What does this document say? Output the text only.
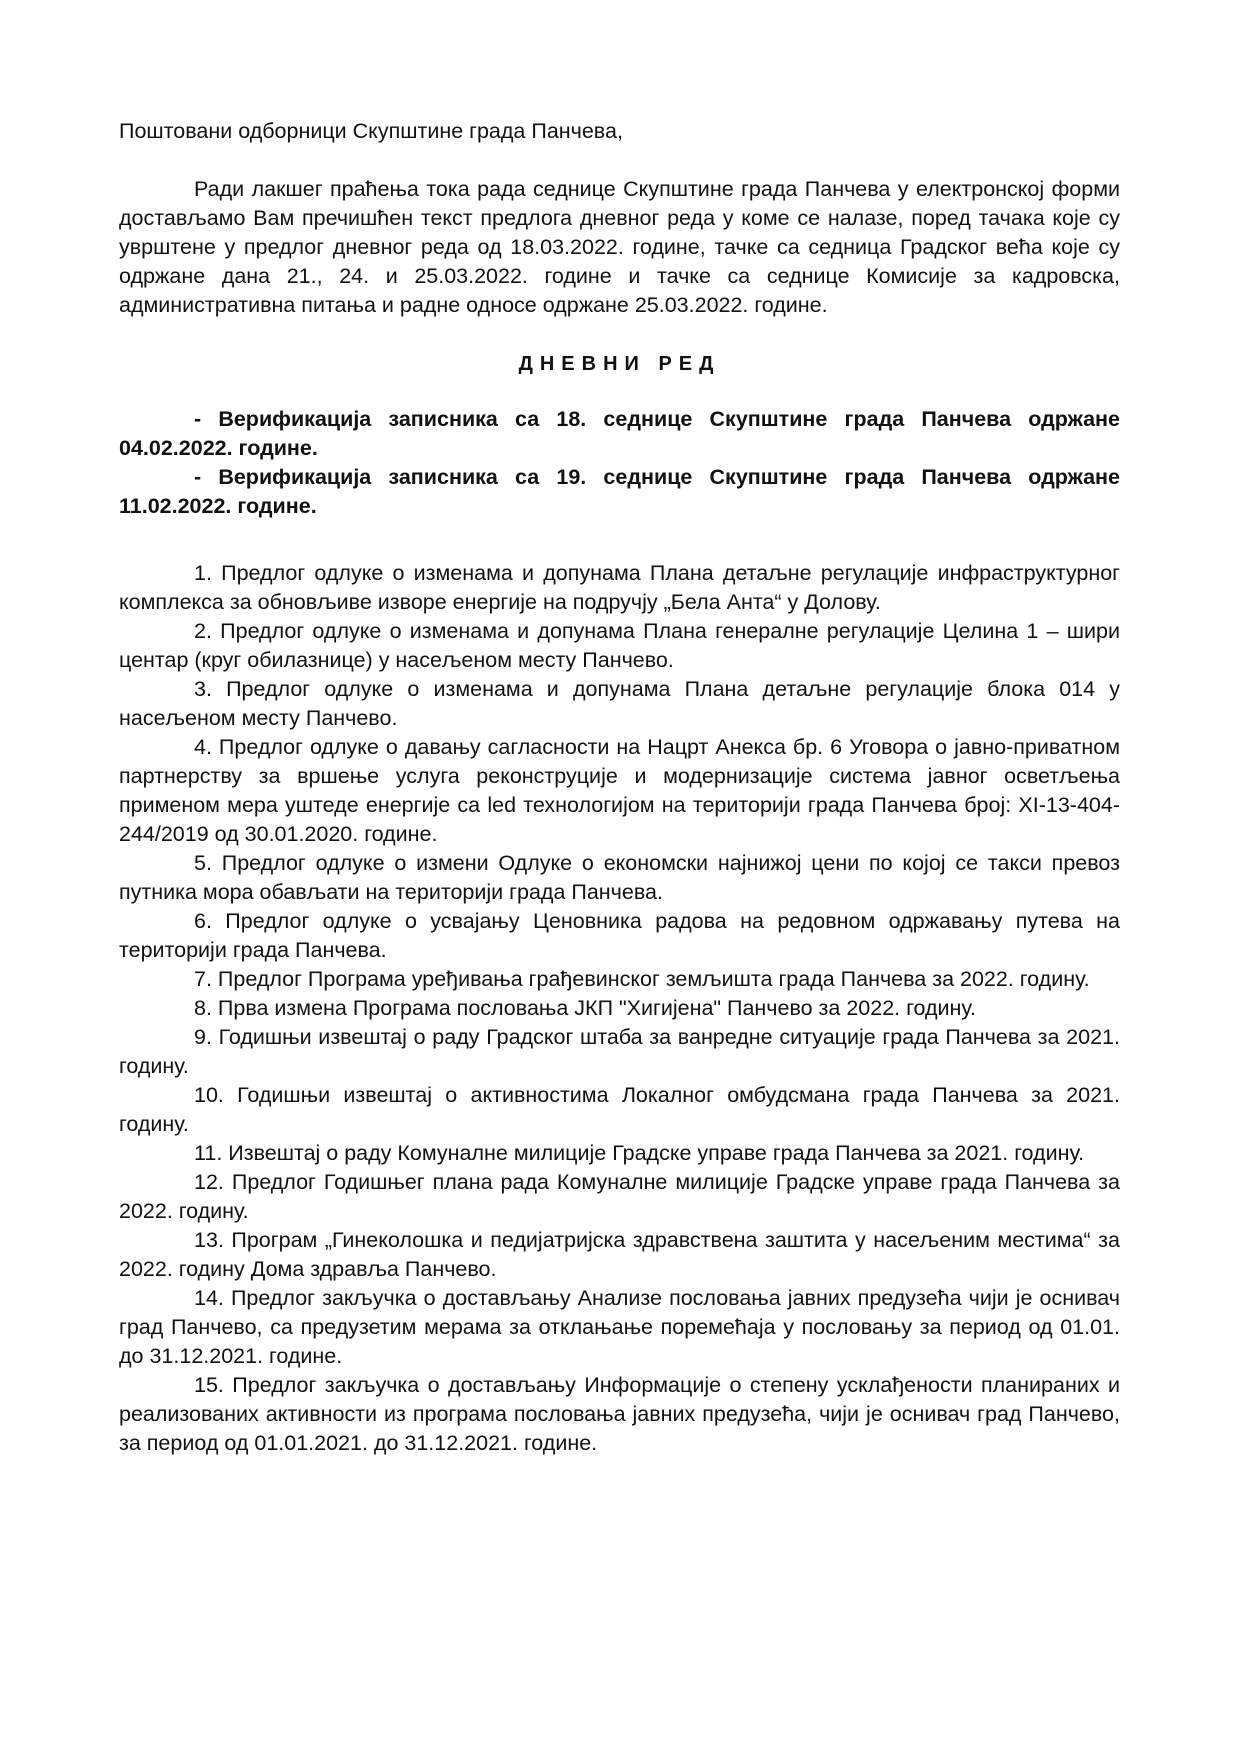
Поштовани одборници Скупштине града Панчева,

Ради лакшег праћења тока рада седнице Скупштине града Панчева у електронској форми достављамо Вам пречишћен текст предлога дневног реда у коме се налазе, поред тачака које су уврштене у предлог дневног реда од 18.03.2022. године, тачке са седница Градског већа које су одржане дана 21., 24. и 25.03.2022. године и тачке са седнице Комисије за кадровска, административна питања и радне односе одржане 25.03.2022. године.

ДНЕВНИ РЕД

- Верификација записника са 18. седнице Скупштине града Панчева одржане 04.02.2022. године.

- Верификација записника са 19. седнице Скупштине града Панчева одржане 11.02.2022. године.

1. Предлог одлуке о изменама и допунама Плана детаљне регулације инфраструктурног комплекса за обновљиве изворе енергије на подручју „Бела Анта“ у Долову.
2. Предлог одлуке о изменама и допунама Плана генералне регулације Целина 1 – шири центар (круг обилазнице) у насељеном месту Панчево.
3. Предлог одлуке о изменама и допунама Плана детаљне регулације блока 014 у насељеном месту Панчево.
4. Предлог одлуке о давању сагласности на Нацрт Анекса бр. 6 Уговора о јавно-приватном партнерству за вршење услуга реконструције и модернизације система јавног осветљења применом мера уштеде енергије са led технологијом на територији града Панчева број: XI-13-404-244/2019 од 30.01.2020. године.
5. Предлог одлуке о измени Одлуке о економски најнижој цени по којој се такси превоз путника мора обављати на територији града Панчева.
6. Предлог одлуке о усвајању Ценовника радова на редовном одржавању путева на територији града Панчева.
7. Предлог Програма уређивања грађевинског земљишта града Панчева за 2022. годину.
8. Прва измена Програма пословања ЈКП "Хигијена" Панчево за 2022. годину.
9. Годишњи извештај о раду Градског штаба за ванредне ситуације града Панчева за 2021. годину.
10. Годишњи извештај о активностима Локалног омбудсмана града Панчева за 2021. годину.
11. Извештај о раду Комуналне милиције Градске управе града Панчева за 2021. годину.
12. Предлог Годишњег плана рада Комуналне милиције Градске управе града Панчева за 2022. годину.
13. Програм „Гинеколошка и педијатријска здравствена заштита у насељеним местима“ за 2022. годину Дома здравља Панчево.
14. Предлог закључка о достављању Анализе пословања јавних предузећа чији је оснивач град Панчево, са предузетим мерама за отклањање поремећаја у пословању за период од 01.01. до 31.12.2021. године.
15. Предлог закључка о достављању Информације о степену усклађености планираних и реализованих активности из програма пословања јавних предузећа, чији је оснивач град Панчево, за период од 01.01.2021. до 31.12.2021. године.
